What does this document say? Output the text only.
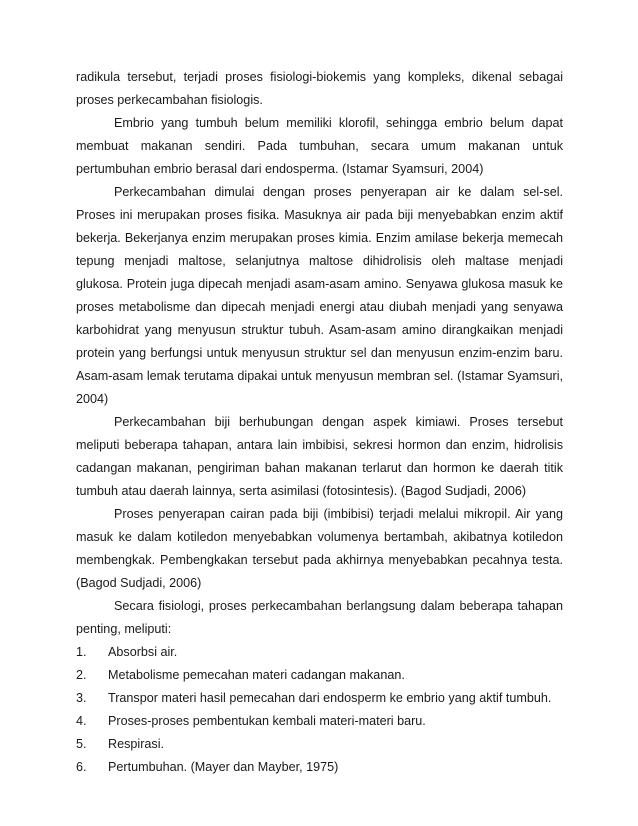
radikula tersebut, terjadi proses fisiologi-biokemis yang kompleks, dikenal sebagai proses perkecambahan fisiologis.

Embrio yang tumbuh belum memiliki klorofil, sehingga embrio belum dapat membuat makanan sendiri. Pada tumbuhan, secara umum makanan untuk pertumbuhan embrio berasal dari endosperma. (Istamar Syamsuri, 2004)

Perkecambahan dimulai dengan proses penyerapan air ke dalam sel-sel. Proses ini merupakan proses fisika. Masuknya air pada biji menyebabkan enzim aktif bekerja. Bekerjanya enzim merupakan proses kimia. Enzim amilase bekerja memecah tepung menjadi maltose, selanjutnya maltose dihidrolisis oleh maltase menjadi glukosa. Protein juga dipecah menjadi asam-asam amino. Senyawa glukosa masuk ke proses metabolisme dan dipecah menjadi energi atau diubah menjadi yang senyawa karbohidrat yang menyusun struktur tubuh. Asam-asam amino dirangkaikan menjadi protein yang berfungsi untuk menyusun struktur sel dan menyusun enzim-enzim baru. Asam-asam lemak terutama dipakai untuk menyusun membran sel. (Istamar Syamsuri, 2004)

Perkecambahan biji berhubungan dengan aspek kimiawi. Proses tersebut meliputi beberapa tahapan, antara lain imbibisi, sekresi hormon dan enzim, hidrolisis cadangan makanan, pengiriman bahan makanan terlarut dan hormon ke daerah titik tumbuh atau daerah lainnya, serta asimilasi (fotosintesis). (Bagod Sudjadi, 2006)

Proses penyerapan cairan pada biji (imbibisi) terjadi melalui mikropil. Air yang masuk ke dalam kotiledon menyebabkan volumenya bertambah, akibatnya kotiledon membengkak. Pembengkakan tersebut pada akhirnya menyebabkan pecahnya testa. (Bagod Sudjadi, 2006)

Secara fisiologi, proses perkecambahan berlangsung dalam beberapa tahapan penting, meliputi:

1.	Absorbsi air.
2.	Metabolisme pemecahan materi cadangan makanan.
3.	Transpor materi hasil pemecahan dari endosperm ke embrio yang aktif tumbuh.
4.	Proses-proses pembentukan kembali materi-materi baru.
5.	Respirasi.
6.	Pertumbuhan. (Mayer dan Mayber, 1975)
